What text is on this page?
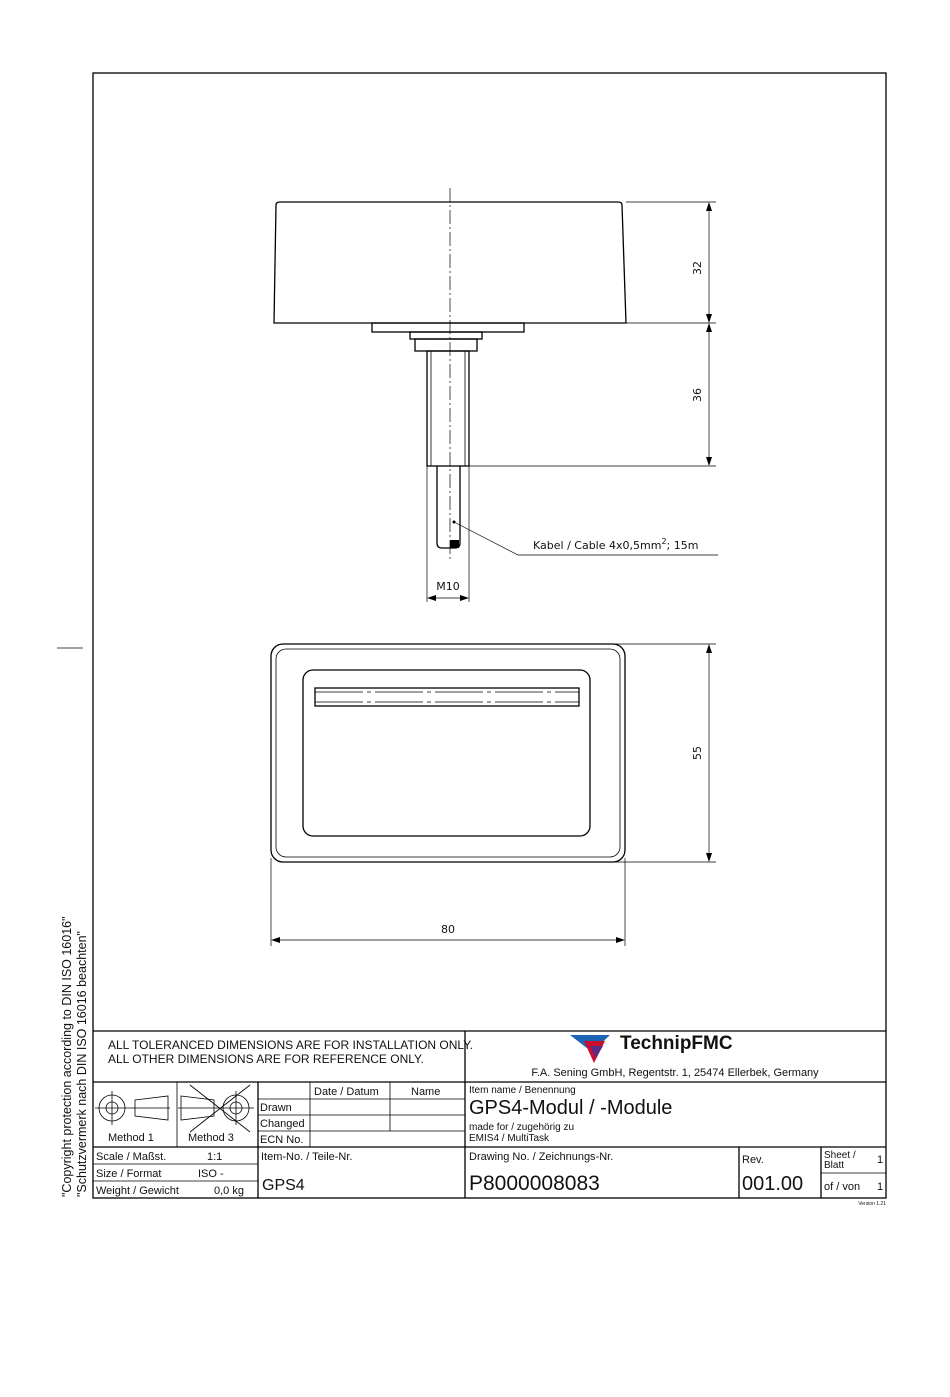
"Copyright protection according to DIN ISO 16016" "Schutzvermerk nach DIN ISO 16016 beachten"
32
36
M10
Kabel / Cable $4x0,5mm^2$; 15m
55
80
ALL TOLERANCED DIMENSIONS ARE FOR INSTALLATION ONLY.
ALL OTHER DIMENSIONS ARE FOR REFERENCE ONLY.
TechnipFMC
F.A. Sening GmbH, Regentstr. 1, 25474 Ellerbek, Germany
Method 1	Method 3
Date / Datum	Name
Drawn
Changed
ECN No.
Item name / Benennung
GPS4-Modul / -Module
made for / zugehörig zu
EMIS4 / MultiTask
Scale / Maßst.	1:1
Size / Format	ISO -
Weight / Gewicht	0,0 kg
Item-No. / Teile-Nr.
GPS4
Drawing No. / Zeichnungs-Nr.
P8000008083
Rev.
001.00
Sheet /
Blatt	1
of / von 1
Version 1.21
